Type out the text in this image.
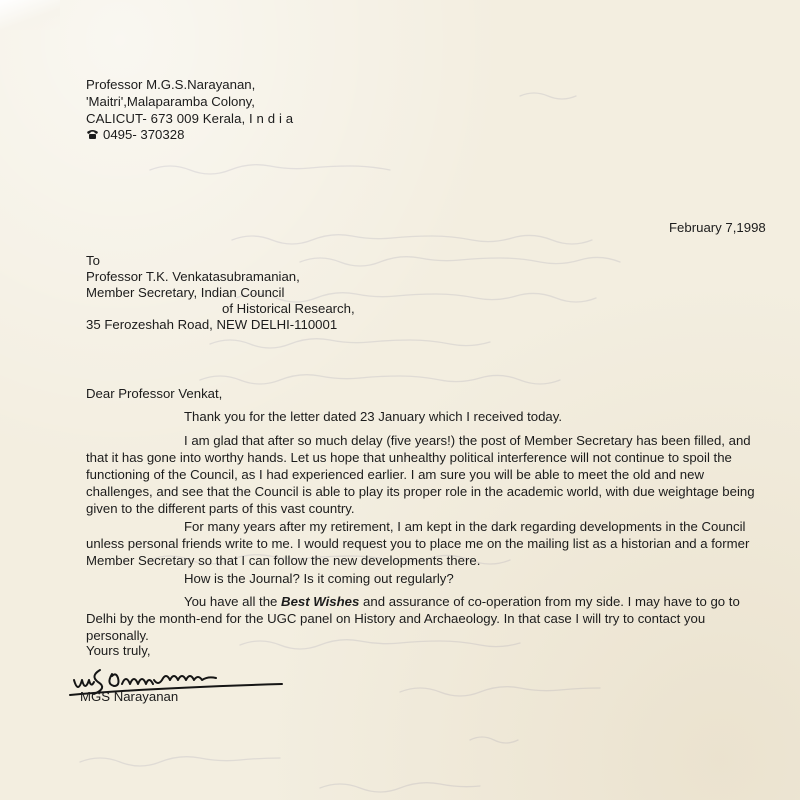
Professor M.G.S.Narayanan,
'Maitri',Malaparamba Colony,
CALICUT- 673 009 Kerala, I n d i a
0495- 370328
February 7,1998
To
Professor T.K. Venkatasubramanian,
Member Secretary, Indian Council
of Historical Research,
35 Ferozeshah Road, NEW DELHI-110001
Dear Professor Venkat,
Thank you for the letter dated 23 January which I received today.
I am glad that after so much delay (five years!) the post of Member Secretary has been filled, and that it has gone into worthy hands. Let us hope that unhealthy political interference will not continue to spoil the functioning of the Council, as I had experienced earlier. I am sure you will be able to meet the old and new challenges, and see that the Council is able to play its proper role in the academic world, with due weightage being given to the different parts of this vast country.
For many years after my retirement, I am kept in the dark regarding developments in the Council unless personal friends write to me. I would request you to place me on the mailing list as a historian and a former Member Secretary so that I can follow the new developments there.
How is the Journal? Is it coming out regularly?
You have all the Best Wishes and assurance of co-operation from my side. I may have to go to Delhi by the month-end for the UGC panel on History and Archaeology. In that case I will try to contact you personally.
Yours truly,
MGS Narayanan
